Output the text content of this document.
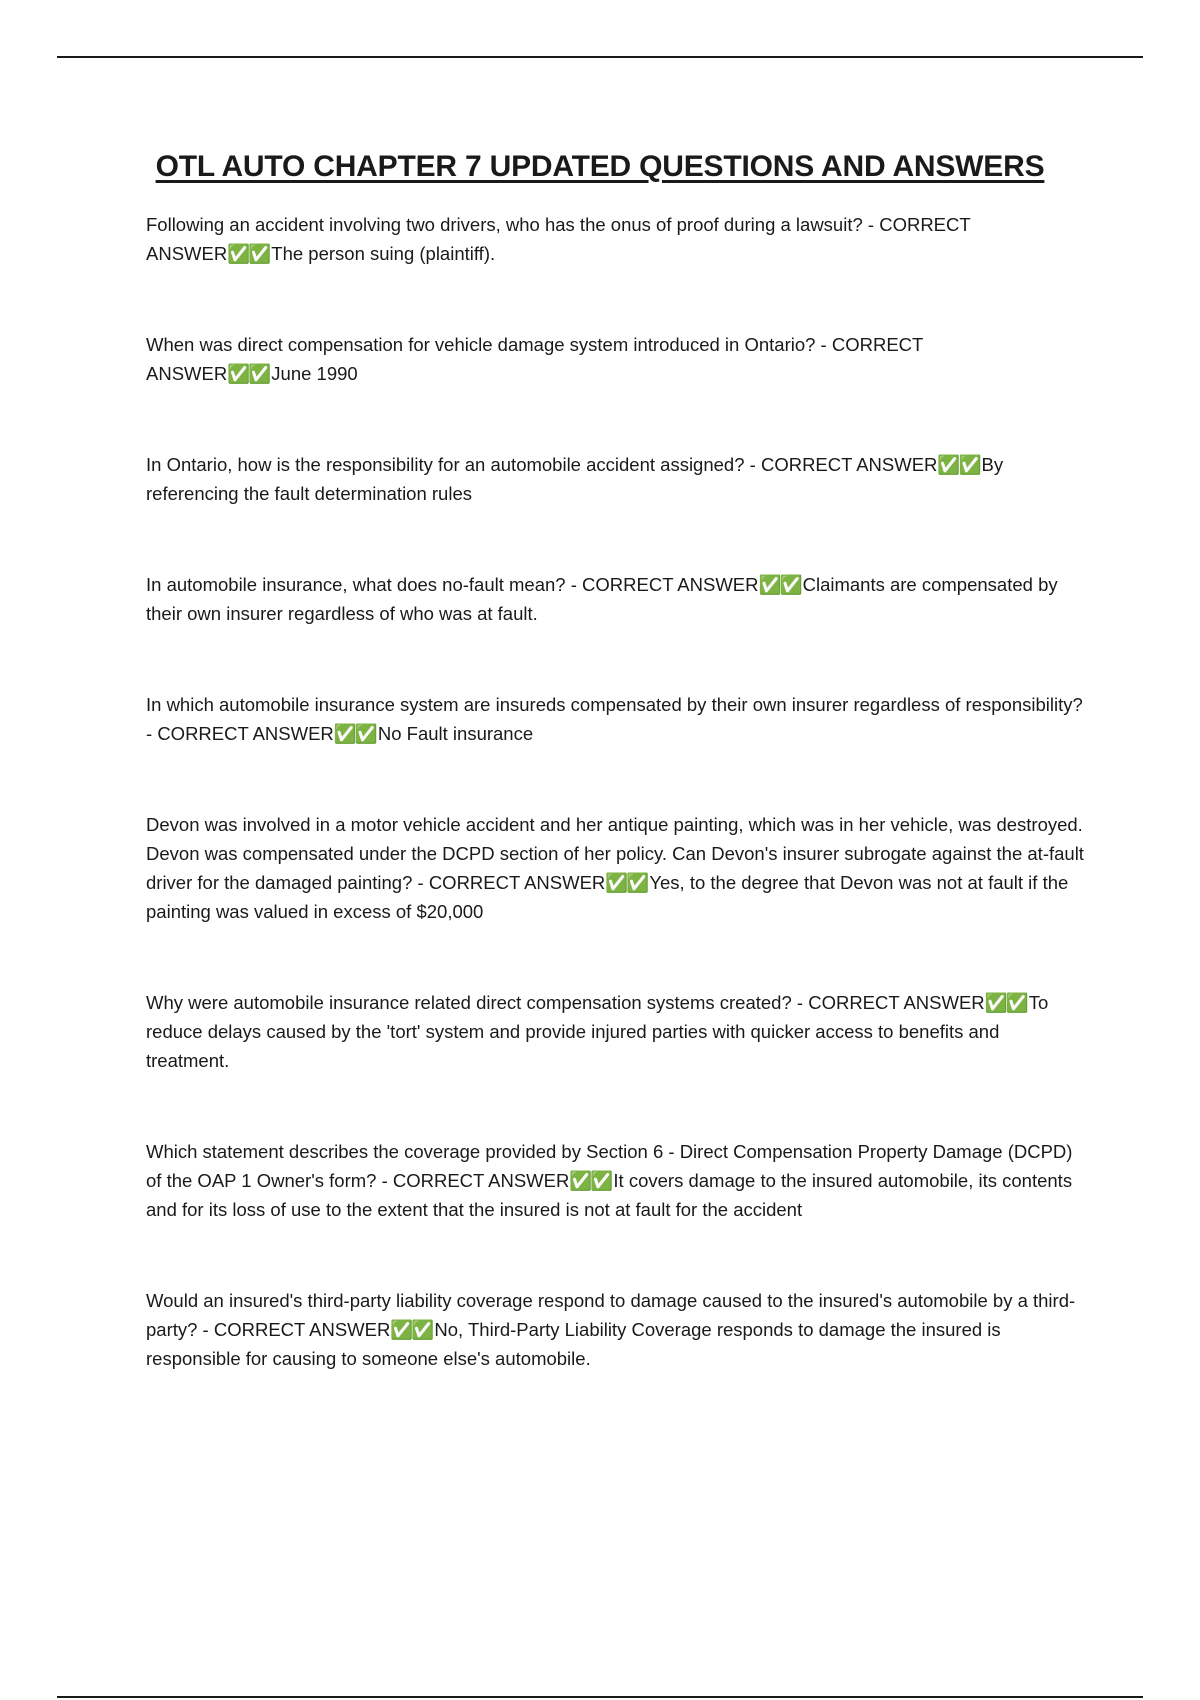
OTL AUTO CHAPTER 7 UPDATED QUESTIONS AND ANSWERS
Following an accident involving two drivers, who has the onus of proof during a lawsuit? - CORRECT ANSWER✅✅ The person suing (plaintiff).
When was direct compensation for vehicle damage system introduced in Ontario? - CORRECT ANSWER✅✅ June 1990
In Ontario, how is the responsibility for an automobile accident assigned? - CORRECT ANSWER✅✅ By referencing the fault determination rules
In automobile insurance, what does no-fault mean? - CORRECT ANSWER✅✅ Claimants are compensated by their own insurer regardless of who was at fault.
In which automobile insurance system are insureds compensated by their own insurer regardless of responsibility? - CORRECT ANSWER✅✅ No Fault insurance
Devon was involved in a motor vehicle accident and her antique painting, which was in her vehicle, was destroyed. Devon was compensated under the DCPD section of her policy. Can Devon's insurer subrogate against the at-fault driver for the damaged painting? - CORRECT ANSWER✅✅ Yes, to the degree that Devon was not at fault if the painting was valued in excess of $20,000
Why were automobile insurance related direct compensation systems created? - CORRECT ANSWER✅✅ To reduce delays caused by the 'tort' system and provide injured parties with quicker access to benefits and treatment.
Which statement describes the coverage provided by Section 6 - Direct Compensation Property Damage (DCPD) of the OAP 1 Owner's form? - CORRECT ANSWER✅✅ It covers damage to the insured automobile, its contents and for its loss of use to the extent that the insured is not at fault for the accident
Would an insured's third-party liability coverage respond to damage caused to the insured's automobile by a third-party? - CORRECT ANSWER✅✅ No, Third-Party Liability Coverage responds to damage the insured is responsible for causing to someone else's automobile.
